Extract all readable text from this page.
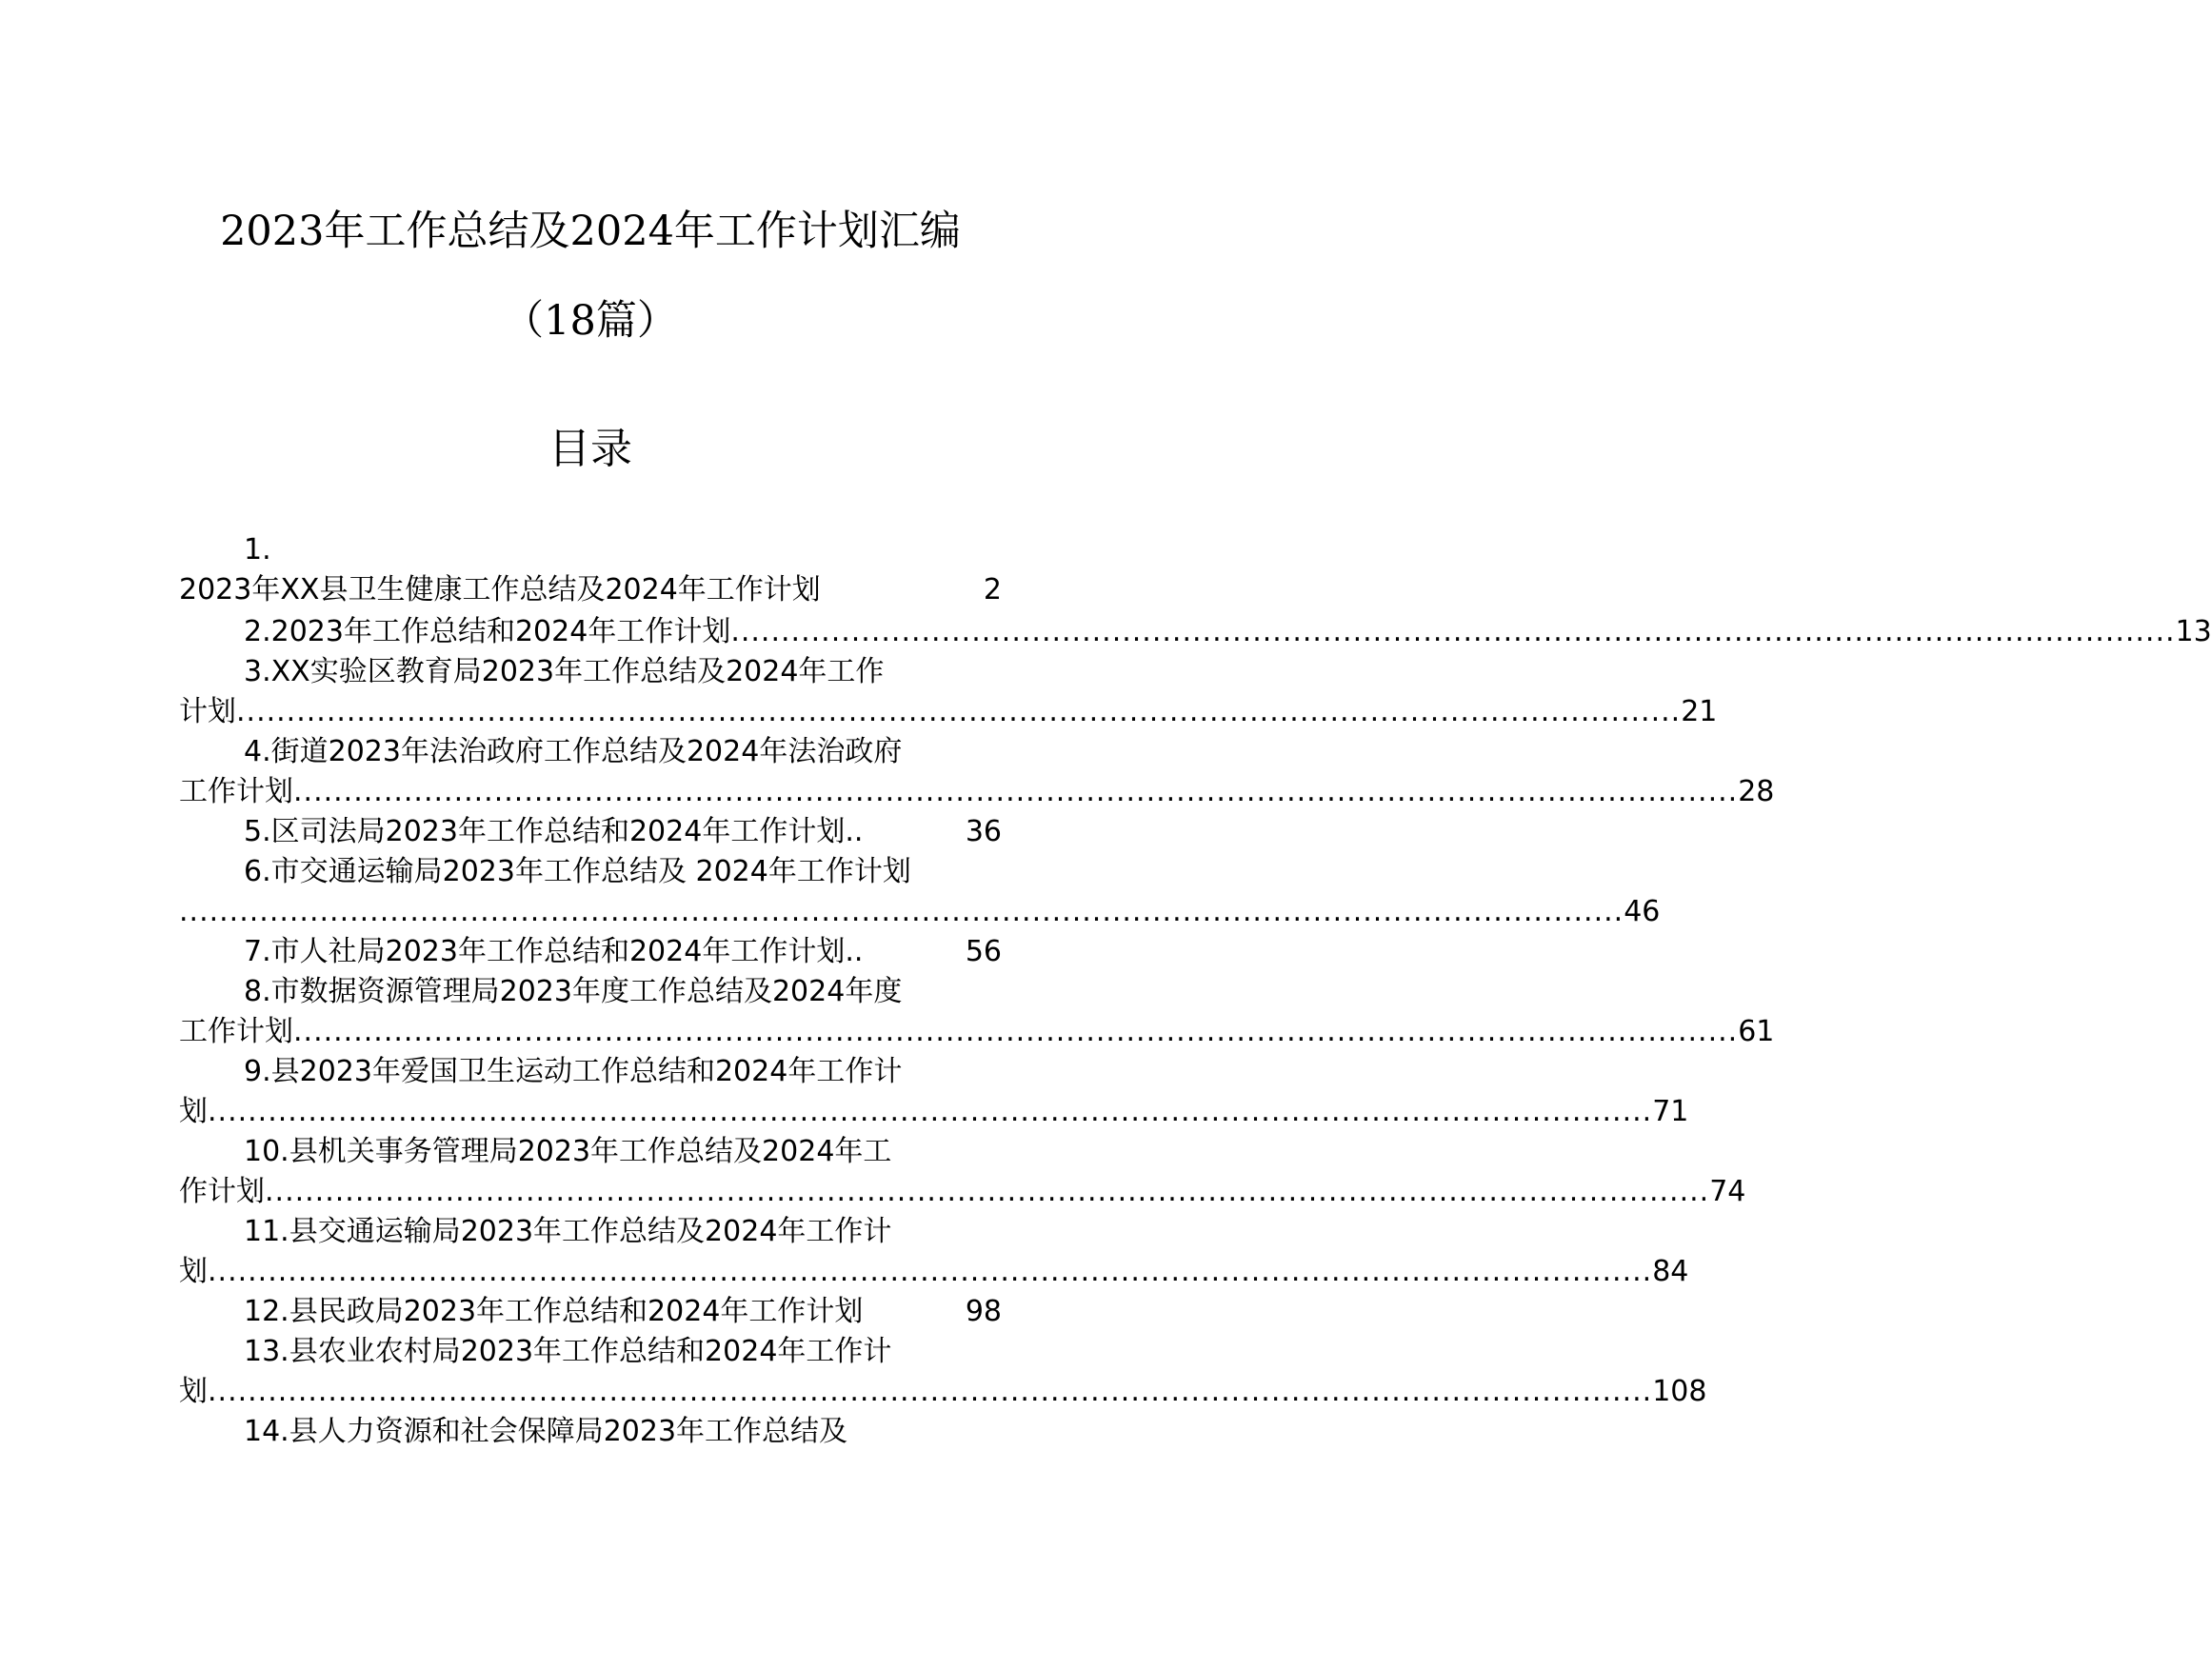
2023年工作总结及2024年工作计划汇编
（18篇）
目录
1.
2023年XX县卫生健康工作总结及2024年工作计划	2
2.2023年工作总结和2024年工作计划 ................................................................................................................................................ 13
3.XX实验区教育局2023年工作总结及2024年工作
计划 ................................................................................................................................................ 21
4.街道2023年法治政府工作总结及2024年法治政府
工作计划 ................................................................................................................................................ 28
5.区司法局2023年工作总结和2024年工作计划..	36
6.市交通运输局2023年工作总结及 2024年工作计划
................................................................................................................................................ 46
7.市人社局2023年工作总结和2024年工作计划..	56
8.市数据资源管理局2023年度工作总结及2024年度
工作计划 ................................................................................................................................................ 61
9.县2023年爱国卫生运动工作总结和2024年工作计
划 ................................................................................................................................................ 71
10.县机关事务管理局2023年工作总结及2024年工
作计划 ................................................................................................................................................ 74
11.县交通运输局2023年工作总结及2024年工作计
划 ................................................................................................................................................ 84
12.县民政局2023年工作总结和2024年工作计划	98
13.县农业农村局2023年工作总结和2024年工作计
划 ................................................................................................................................................ 108
14.县人力资源和社会保障局2023年工作总结及
